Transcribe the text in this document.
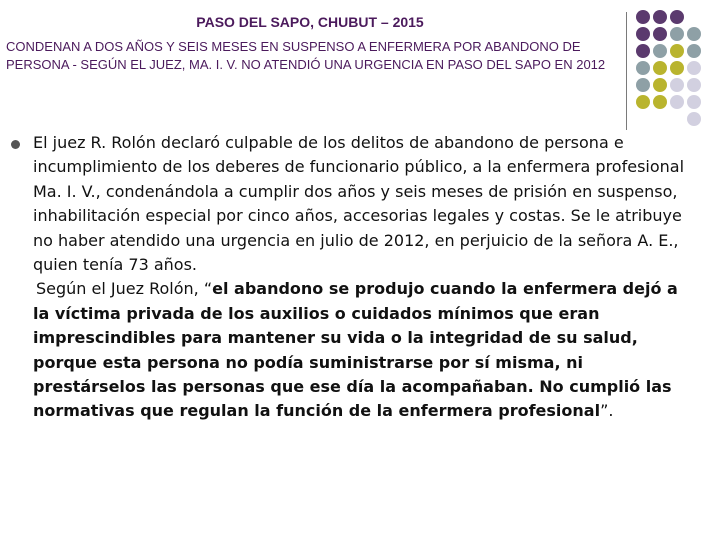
PASO DEL SAPO, CHUBUT – 2015

CONDENAN A DOS AÑOS Y SEIS MESES EN SUSPENSO A ENFERMERA POR ABANDONO DE PERSONA - SEGÚN EL JUEZ, MA. I. V. NO ATENDIÓ UNA URGENCIA EN PASO DEL SAPO EN 2012

El juez R. Rolón declaró culpable de los delitos de abandono de persona e incumplimiento de los deberes de funcionario público, a la enfermera profesional Ma. I. V., condenándola a cumplir dos años y seis meses de prisión en suspenso, inhabilitación especial por cinco años, accesorias legales y costas. Se le atribuye no haber atendido una urgencia en julio de 2012, en perjuicio de la señora A. E., quien tenía 73 años.

Según el Juez Rolón, “el abandono se produjo cuando la enfermera dejó a la víctima privada de los auxilios o cuidados mínimos que eran imprescindibles para mantener su vida o la integridad de su salud, porque esta persona no podía suministrarse por sí misma, ni prestárselos las personas que ese día la acompañaban. No cumplió las normativas que regulan la función de la enfermera profesional”.
